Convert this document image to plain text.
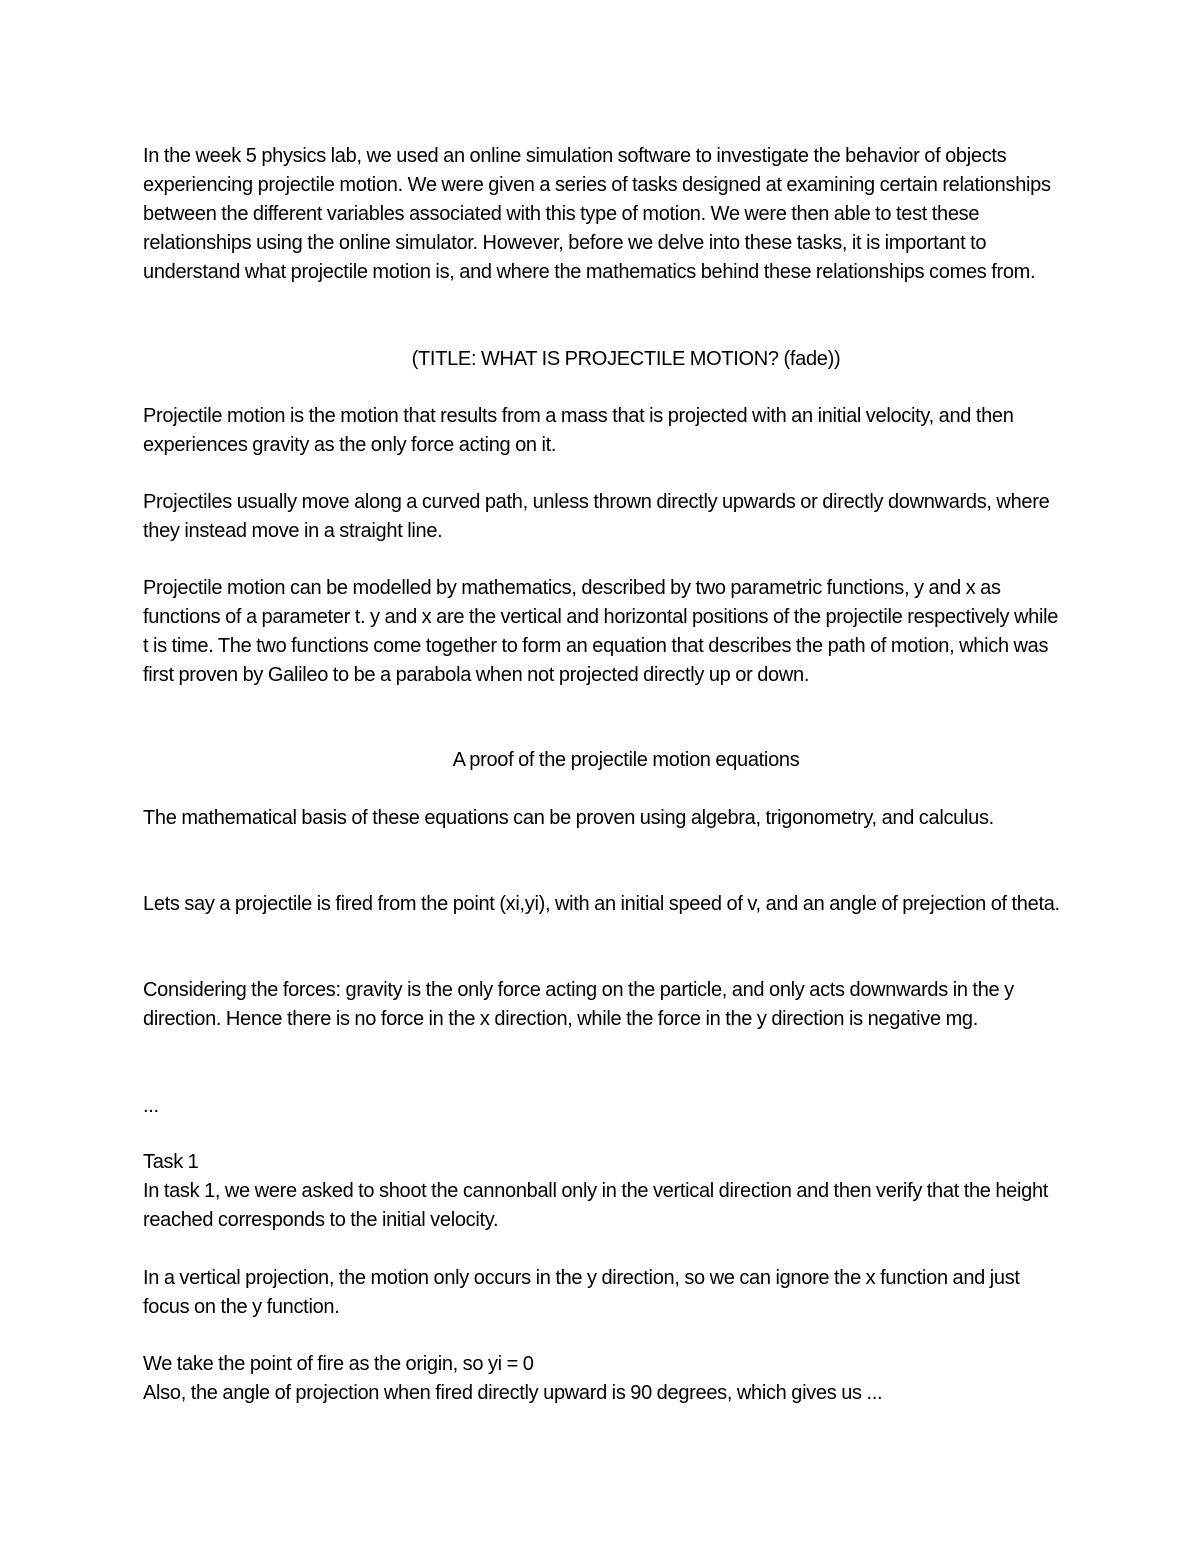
In the week 5 physics lab, we used an online simulation software to investigate the behavior of objects experiencing projectile motion. We were given a series of tasks designed at examining certain relationships between the different variables associated with this type of motion. We were then able to test these relationships using the online simulator. However, before we delve into these tasks, it is important to understand what projectile motion is, and where the mathematics behind these relationships comes from.

(TITLE: WHAT IS PROJECTILE MOTION? (fade))

Projectile motion is the motion that results from a mass that is projected with an initial velocity, and then experiences gravity as the only force acting on it.

Projectiles usually move along a curved path, unless thrown directly upwards or directly downwards, where they instead move in a straight line.

Projectile motion can be modelled by mathematics, described by two parametric functions, y and x as functions of a parameter t. y and x are the vertical and horizontal positions of the projectile respectively while t is time. The two functions come together to form an equation that describes the path of motion, which was first proven by Galileo to be a parabola when not projected directly up or down.

A proof of the projectile motion equations

The mathematical basis of these equations can be proven using algebra, trigonometry, and calculus.

Lets say a projectile is fired from the point (xi,yi), with an initial speed of v, and an angle of prejection of theta.

Considering the forces: gravity is the only force acting on the particle, and only acts downwards in the y direction. Hence there is no force in the x direction, while the force in the y direction is negative mg.

...

Task 1

In task 1, we were asked to shoot the cannonball only in the vertical direction and then verify that the height reached corresponds to the initial velocity.

In a vertical projection, the motion only occurs in the y direction, so we can ignore the x function and just focus on the y function.

We take the point of fire as the origin, so yi = 0

Also, the angle of projection when fired directly upward is 90 degrees, which gives us ...
